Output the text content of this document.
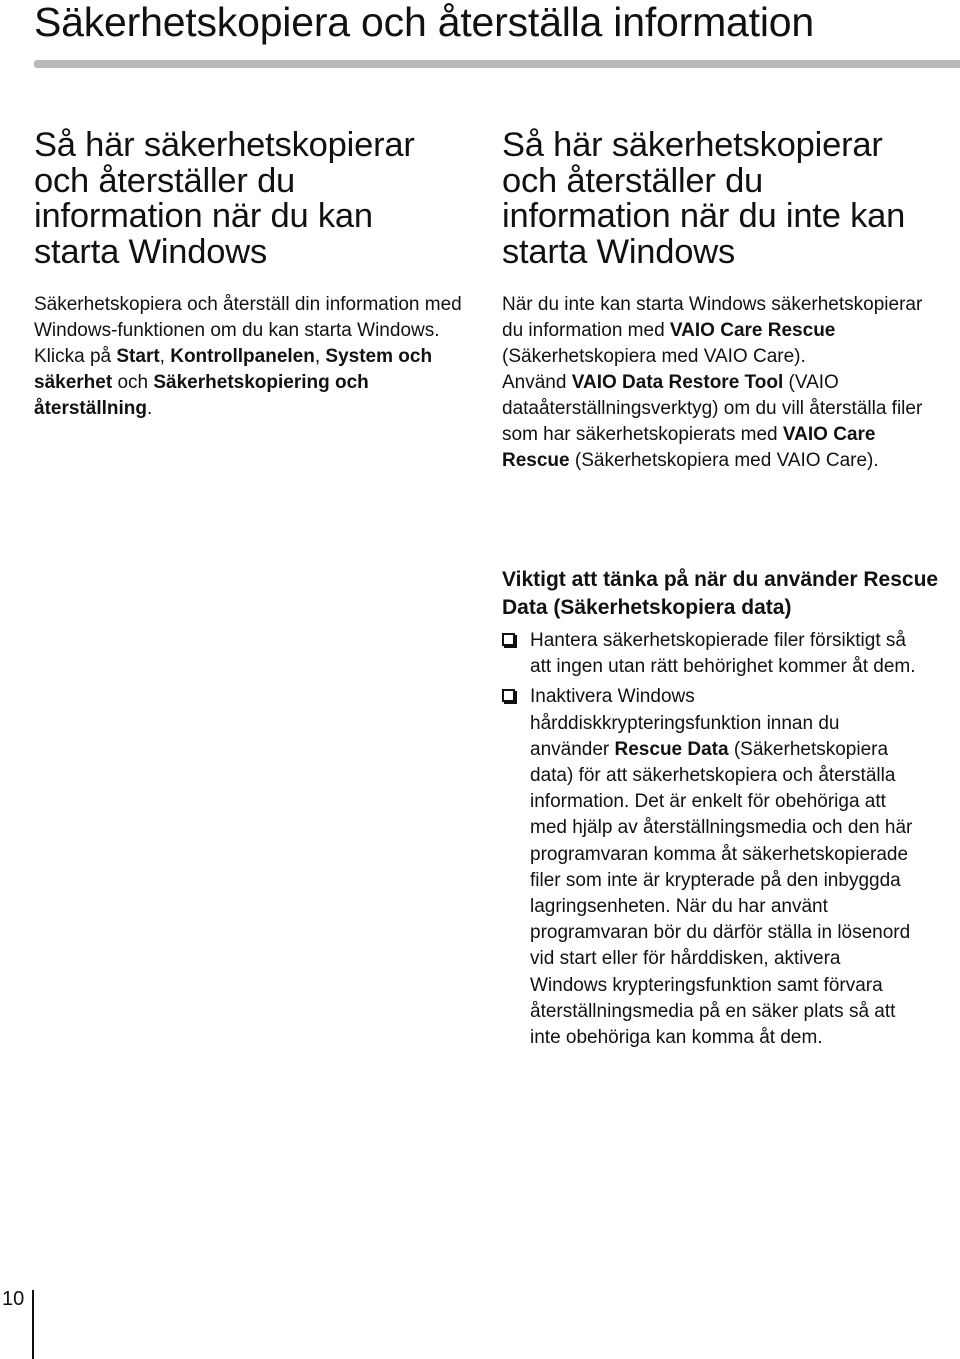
Säkerhetskopiera och återställa information
Så här säkerhetskopierar och återställer du information när du kan starta Windows

Säkerhetskopiera och återställ din information med Windows-funktionen om du kan starta Windows.

Klicka på Start, Kontrollpanelen, System och säkerhet och Säkerhetskopiering och återställning.

Så här säkerhetskopierar och återställer du information när du inte kan starta Windows

När du inte kan starta Windows säkerhetskopierar du information med VAIO Care Rescue (Säkerhetskopiera med VAIO Care).

Använd VAIO Data Restore Tool (VAIO dataåterställningsverktyg) om du vill återställa filer som har säkerhetskopierats med VAIO Care Rescue (Säkerhetskopiera med VAIO Care).

Viktigt att tänka på när du använder Rescue Data (Säkerhetskopiera data)
Hantera säkerhetskopierade filer försiktigt så att ingen utan rätt behörighet kommer åt dem.
Inaktivera Windows hårddiskkrypteringsfunktion innan du använder Rescue Data (Säkerhetskopiera data) för att säkerhetskopiera och återställa information. Det är enkelt för obehöriga att med hjälp av återställningsmedia och den här programvaran komma åt säkerhetskopierade filer som inte är krypterade på den inbyggda lagringsenheten. När du har använt programvaran bör du därför ställa in lösenord vid start eller för hårddisken, aktivera Windows krypteringsfunktion samt förvara återställningsmedia på en säker plats så att inte obehöriga kan komma åt dem.
10
